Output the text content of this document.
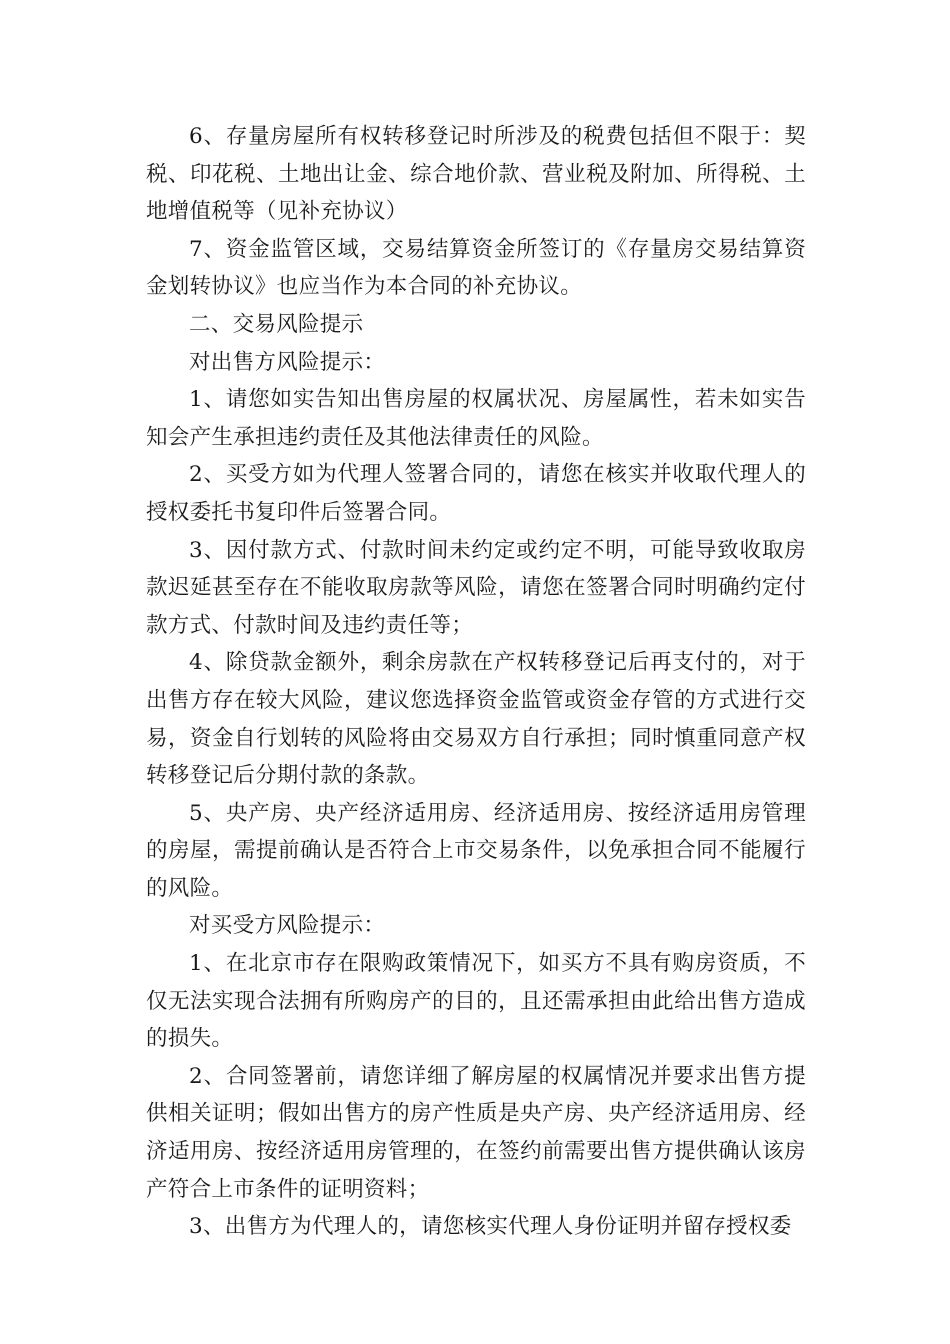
6、存量房屋所有权转移登记时所涉及的税费包括但不限于：契税、印花税、土地出让金、综合地价款、营业税及附加、所得税、土地增值税等（见补充协议）

7、资金监管区域，交易结算资金所签订的《存量房交易结算资金划转协议》也应当作为本合同的补充协议。

二、交易风险提示

对出售方风险提示：

1、请您如实告知出售房屋的权属状况、房屋属性，若未如实告知会产生承担违约责任及其他法律责任的风险。

2、买受方如为代理人签署合同的，请您在核实并收取代理人的授权委托书复印件后签署合同。

3、因付款方式、付款时间未约定或约定不明，可能导致收取房款迟延甚至存在不能收取房款等风险，请您在签署合同时明确约定付款方式、付款时间及违约责任等；

4、除贷款金额外，剩余房款在产权转移登记后再支付的，对于出售方存在较大风险，建议您选择资金监管或资金存管的方式进行交易，资金自行划转的风险将由交易双方自行承担；同时慎重同意产权转移登记后分期付款的条款。

5、央产房、央产经济适用房、经济适用房、按经济适用房管理的房屋，需提前确认是否符合上市交易条件，以免承担合同不能履行的风险。

对买受方风险提示：

1、在北京市存在限购政策情况下，如买方不具有购房资质，不仅无法实现合法拥有所购房产的目的，且还需承担由此给出售方造成的损失。

2、合同签署前，请您详细了解房屋的权属情况并要求出售方提供相关证明；假如出售方的房产性质是央产房、央产经济适用房、经济适用房、按经济适用房管理的，在签约前需要出售方提供确认该房产符合上市条件的证明资料；

3、出售方为代理人的，请您核实代理人身份证明并留存授权委
